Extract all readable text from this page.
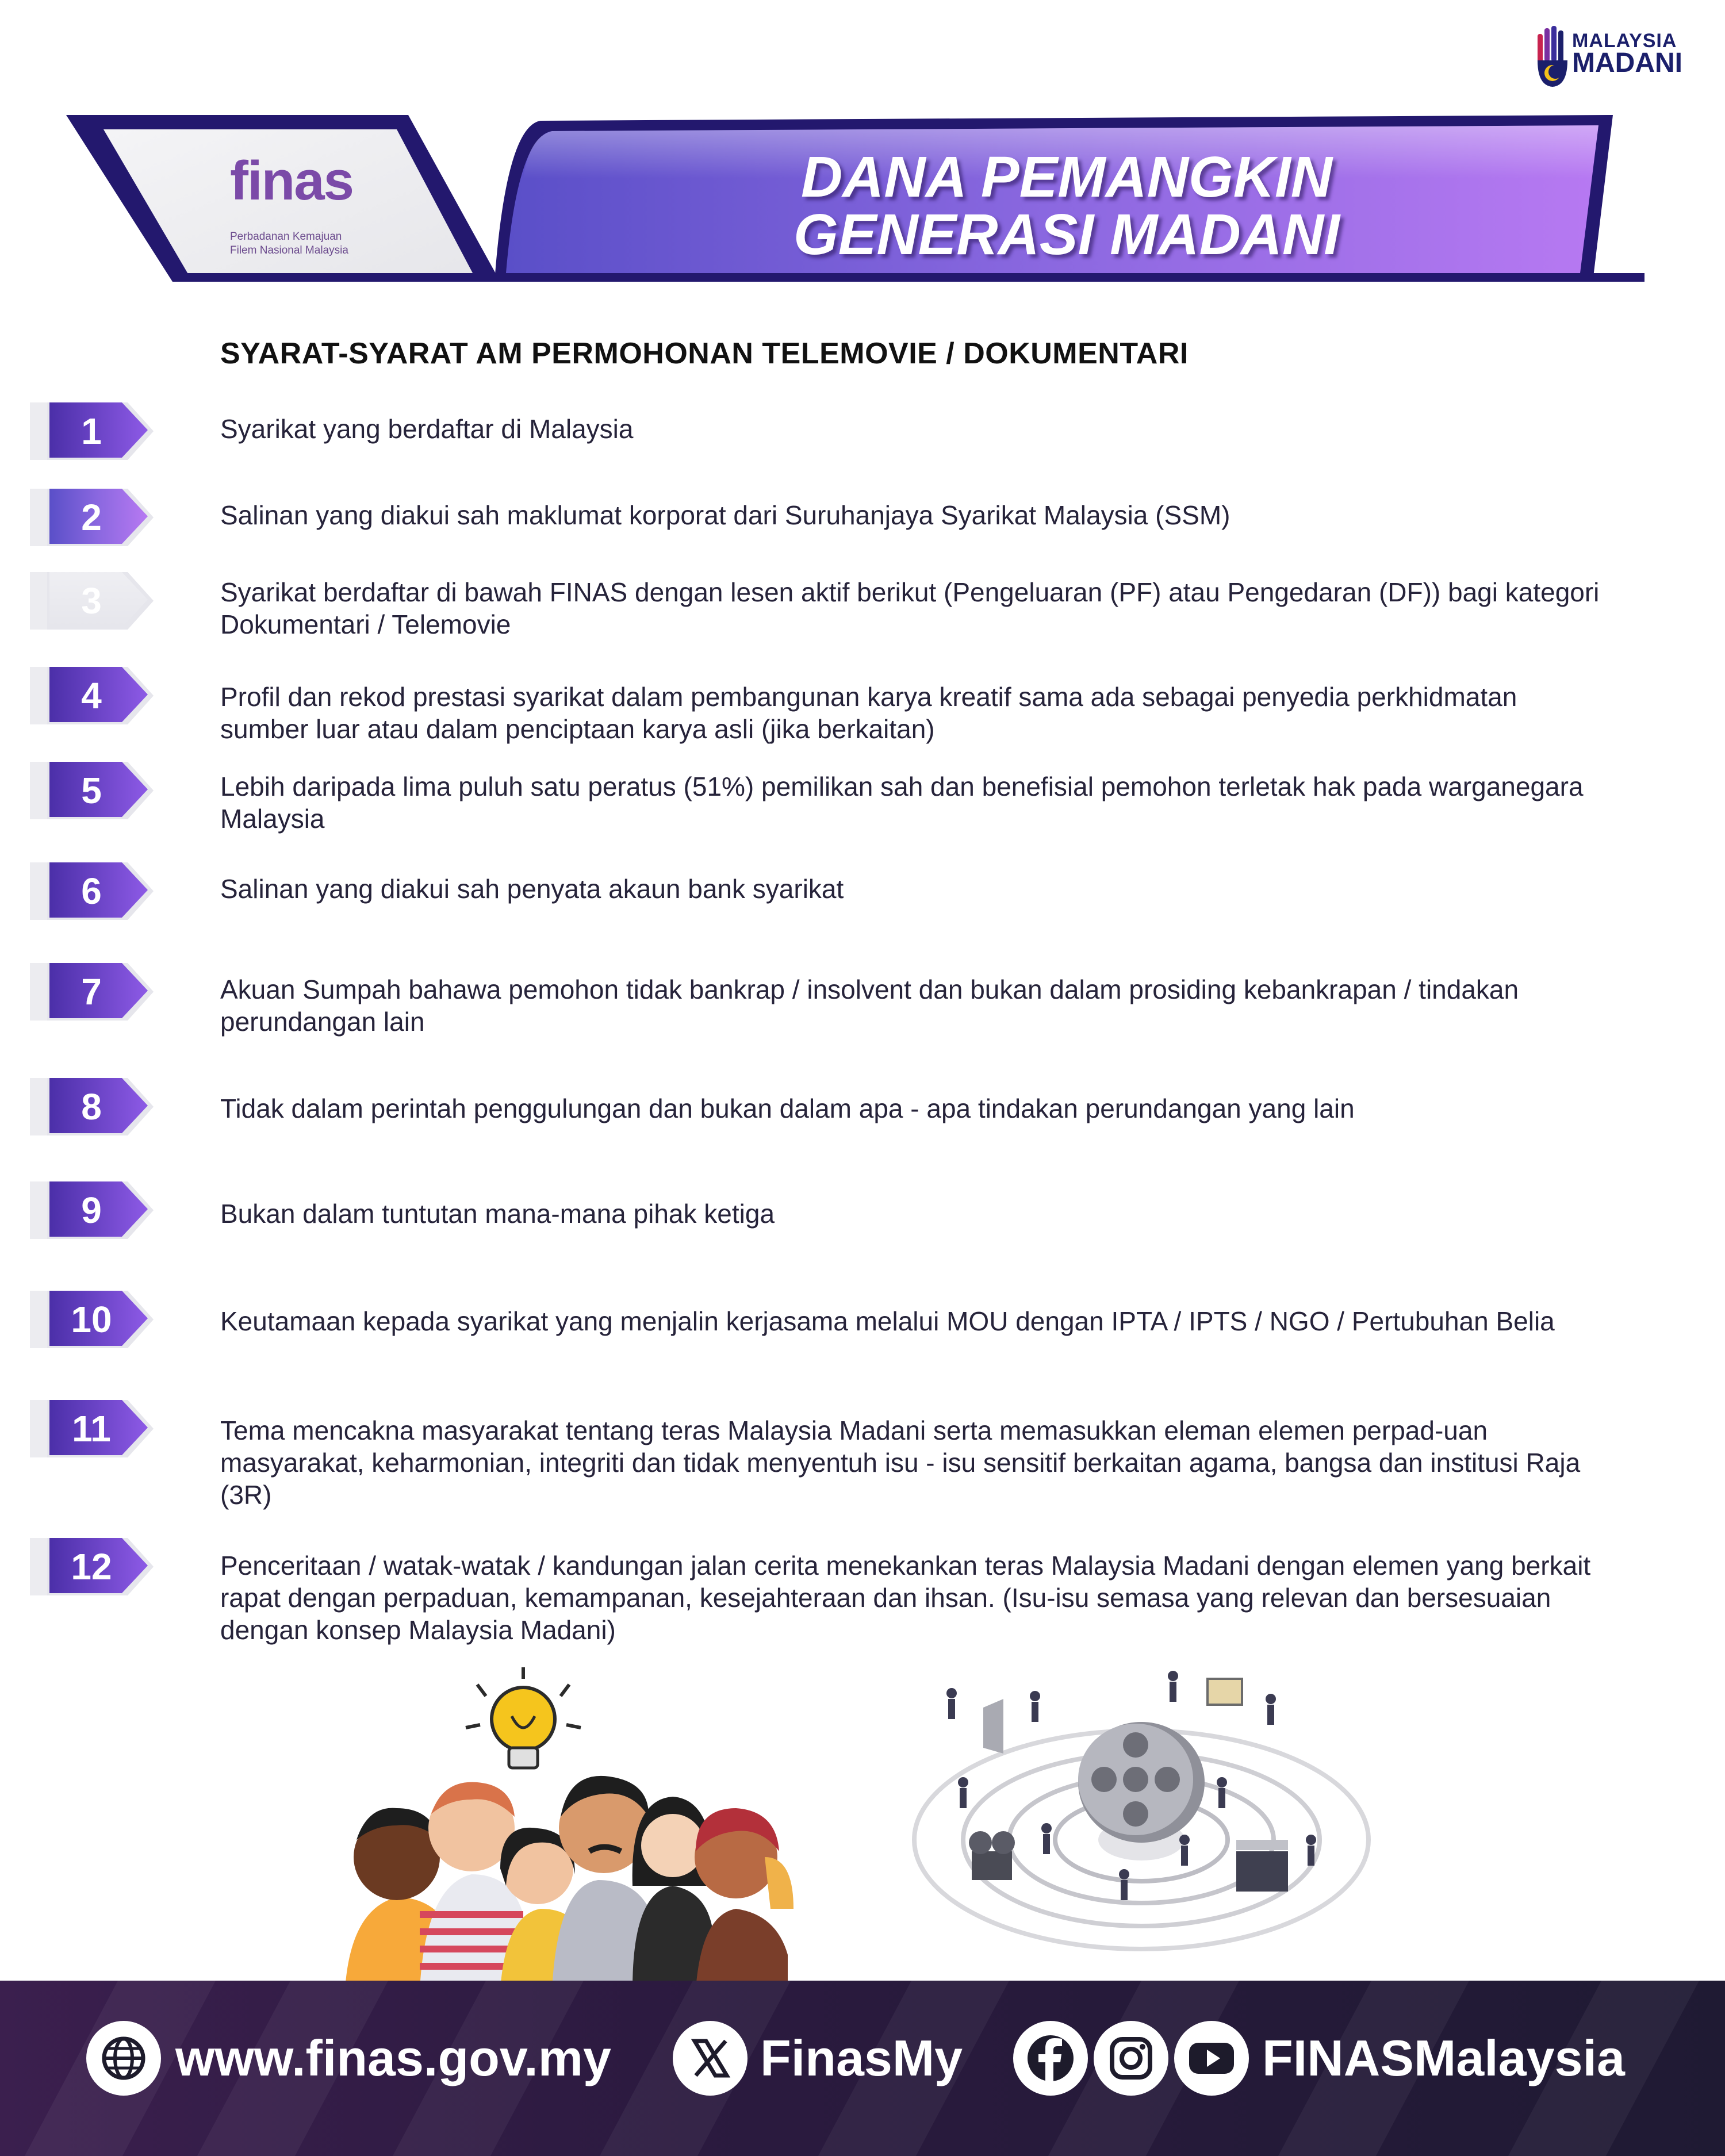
MALAYSIA
MADANI
finas
Perbadanan Kemajuan
Filem Nasional Malaysia
DANA PEMANGKIN
GENERASI MADANI
SYARAT-SYARAT AM PERMOHONAN TELEMOVIE / DOKUMENTARI
1	Syarikat yang berdaftar di Malaysia
2	Salinan yang diakui sah maklumat korporat dari Suruhanjaya Syarikat Malaysia (SSM)
3	Syarikat berdaftar di bawah FINAS dengan lesen aktif berikut (Pengeluaran (PF) atau Pengedaran (DF)) bagi kategori Dokumentari / Telemovie
4	Profil dan rekod prestasi syarikat dalam pembangunan karya kreatif sama ada sebagai penyedia perkhidmatan sumber luar atau dalam penciptaan karya asli (jika berkaitan)
5	Lebih daripada lima puluh satu peratus (51%) pemilikan sah dan benefisial pemohon terletak hak pada warganegara Malaysia
6	Salinan yang diakui sah penyata akaun bank syarikat
7	Akuan Sumpah bahawa pemohon tidak bankrap / insolvent dan bukan dalam prosiding kebankrapan / tindakan perundangan lain
8	Tidak dalam perintah penggulungan dan bukan dalam apa - apa tindakan perundangan yang lain
9	Bukan dalam tuntutan mana-mana pihak ketiga
10	Keutamaan kepada syarikat yang menjalin kerjasama melalui MOU dengan IPTA / IPTS / NGO / Pertubuhan Belia
11	Tema mencakna masyarakat tentang teras Malaysia Madani serta memasukkan eleman elemen perpad-uan masyarakat, keharmonian, integriti dan tidak menyentuh isu - isu sensitif berkaitan agama, bangsa dan institusi Raja (3R)
12	Penceritaan / watak-watak / kandungan jalan cerita menekankan teras Malaysia Madani dengan elemen yang berkait rapat dengan perpaduan, kemampanan, kesejahteraan dan ihsan. (Isu-isu semasa yang relevan dan bersesuaian dengan konsep Malaysia Madani)
www.finas.gov.my	FinasMy	FINASMalaysia
